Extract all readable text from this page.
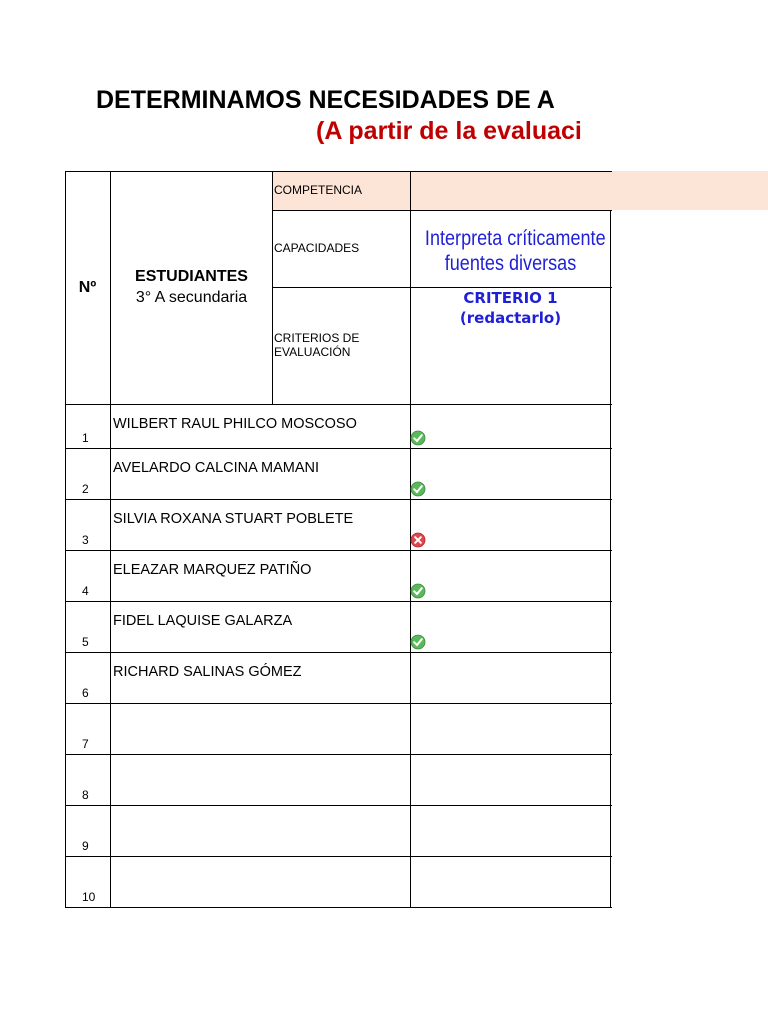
DETERMINAMOS NECESIDADES DE A
(A partir de la evaluaci
Nº
ESTUDIANTES
3° A secundaria
COMPETENCIA
CAPACIDADES
CRITERIOS DE
EVALUACIÓN
Interpreta críticamente
fuentes diversas
CRITERIO 1
(redactarlo)
1
WILBERT RAUL PHILCO MOSCOSO
2
AVELARDO CALCINA MAMANI
3
SILVIA ROXANA STUART POBLETE
4
ELEAZAR MARQUEZ PATIÑO
5
FIDEL LAQUISE GALARZA
6
RICHARD SALINAS GÓMEZ
7
8
9
10
